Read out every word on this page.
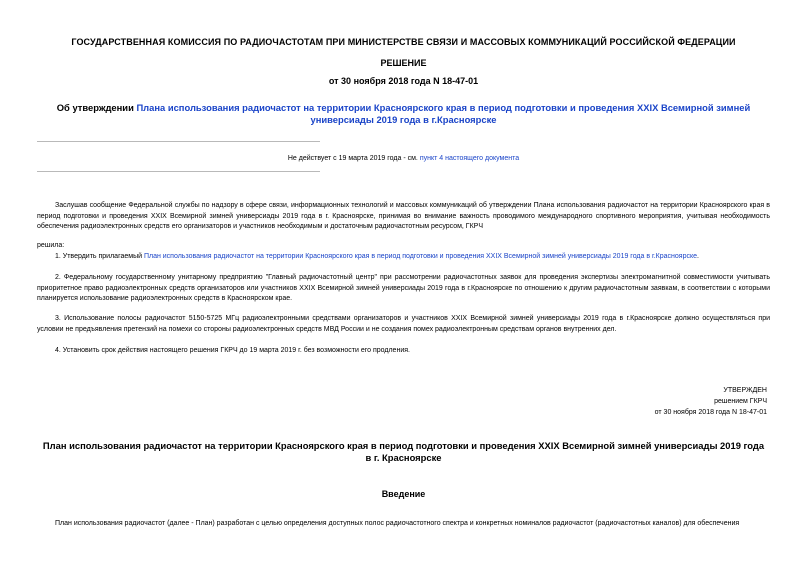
ГОСУДАРСТВЕННАЯ КОМИССИЯ ПО РАДИОЧАСТОТАМ ПРИ МИНИСТЕРСТВЕ СВЯЗИ И МАССОВЫХ КОММУНИКАЦИЙ РОССИЙСКОЙ ФЕДЕРАЦИИ
РЕШЕНИЕ
от 30 ноября 2018 года N 18-47-01
Об утверждении Плана использования радиочастот на территории Красноярского края в период подготовки и проведения XXIX Всемирной зимней универсиады 2019 года в г.Красноярске
Не действует с 19 марта 2019 года - см. пункт 4 настоящего документа
Заслушав сообщение Федеральной службы по надзору в сфере связи, информационных технологий и массовых коммуникаций об утверждении Плана использования радиочастот на территории Красноярского края в период подготовки и проведения XXIX Всемирной зимней универсиады 2019 года в г. Красноярске, принимая во внимание важность проводимого международного спортивного мероприятия, учитывая необходимость обеспечения радиоэлектронных средств его организаторов и участников необходимым и достаточным радиочастотным ресурсом, ГКРЧ
решила:
1. Утвердить прилагаемый План использования радиочастот на территории Красноярского края в период подготовки и проведения XXIX Всемирной зимней универсиады 2019 года в г.Красноярске.
2. Федеральному государственному унитарному предприятию "Главный радиочастотный центр" при рассмотрении радиочастотных заявок для проведения экспертизы электромагнитной совместимости учитывать приоритетное право радиоэлектронных средств организаторов или участников XXIX Всемирной зимней универсиады 2019 года в г.Красноярске по отношению к другим радиочастотным заявкам, в соответствии с которыми планируется использование радиоэлектронных средств в Красноярском крае.
3. Использование полосы радиочастот 5150-5725 МГц радиоэлектронными средствами организаторов и участников XXIX Всемирной зимней универсиады 2019 года в г.Красноярске должно осуществляться при условии не предъявления претензий на помехи со стороны радиоэлектронных средств МВД России и не создания помех радиоэлектронным средствам органов внутренних дел.
4. Установить срок действия настоящего решения ГКРЧ до 19 марта 2019 г. без возможности его продления.
УТВЕРЖДЕН
решением ГКРЧ
от 30 ноября 2018 года N 18-47-01
План использования радиочастот на территории Красноярского края в период подготовки и проведения XXIX Всемирной зимней универсиады 2019 года в г. Красноярске
Введение
План использования радиочастот (далее - План) разработан с целью определения доступных полос радиочастотного спектра и конкретных номиналов радиочастот (радиочастотных каналов) для обеспечения
